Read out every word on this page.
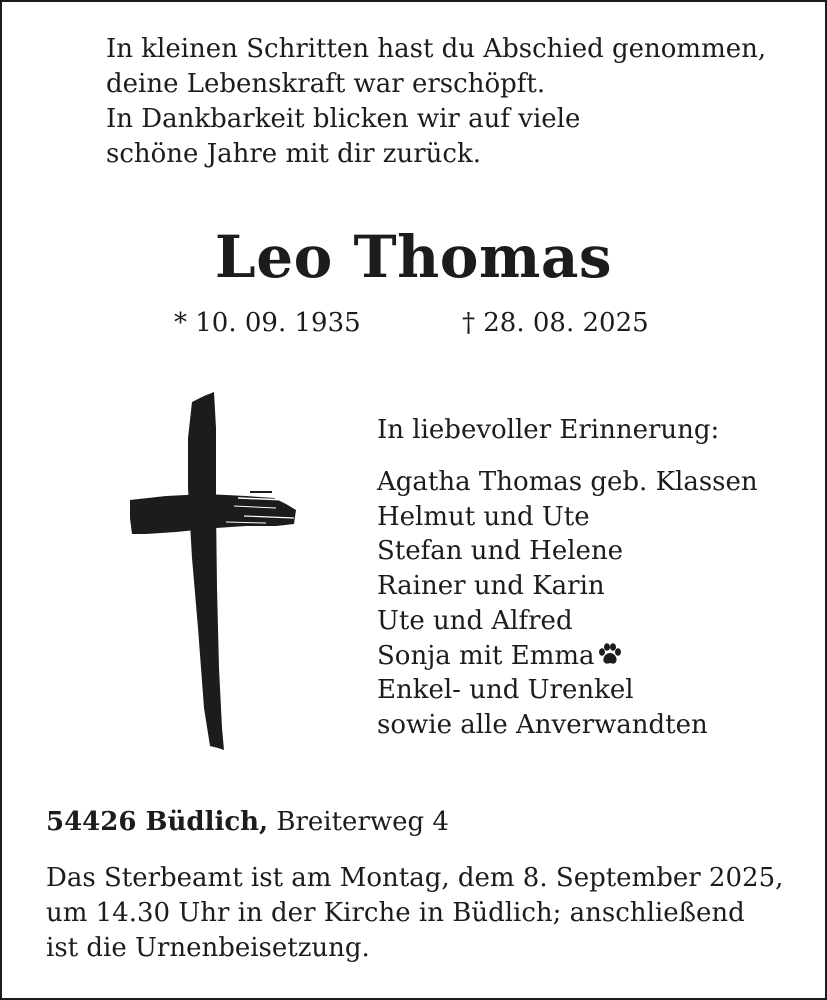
In kleinen Schritten hast du Abschied genommen,
deine Lebenskraft war erschöpft.
In Dankbarkeit blicken wir auf viele
schöne Jahre mit dir zurück.
Leo Thomas
* 10. 09. 1935	† 28. 08. 2025
In liebevoller Erinnerung:
Agatha Thomas geb. Klassen
Helmut und Ute
Stefan und Helene
Rainer und Karin
Ute und Alfred
Sonja mit Emma
Enkel- und Urenkel
sowie alle Anverwandten
54426 Büdlich, Breiterweg 4
Das Sterbeamt ist am Montag, dem 8. September 2025,
um 14.30 Uhr in der Kirche in Büdlich; anschließend
ist die Urnenbeisetzung.
